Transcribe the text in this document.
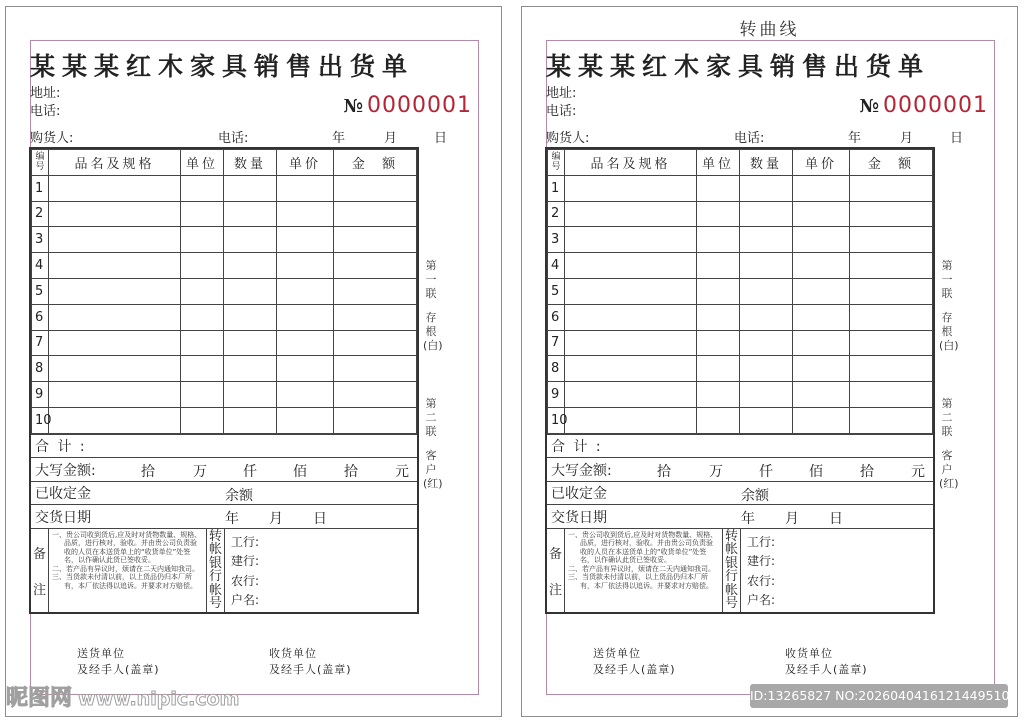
某某某红木家具销售出货单
地址:
电话:	№ 0000001
购货人:	电话:	年	月	日
编号	品名及规格	单位	数量	单价	金  额
1					
2					
3					
4					
5					
6					
7					
8					
9					
10					
合 计 :
大写金额:	拾	万	仟	佰	拾	元
已收定金	余额
交货日期	年 月 日
备
注

一、贵公司收到货后,应及时对货物数量、规格、品质，进行核对，验收。并由贵公司负责验收的人员在本送货单上的“收货单位”处签名，以作确认此货已签收妥。

二、若产品有异议时，烦请在二天内通知我司。

三、当货款未付清以前，以上货品仍归本厂所有，本厂依法得以追诉。并要求对方赔偿。

转帐银行帐号
工行:
建行:
农行:
户名:
第一联
存根(白)
第二联
客户(红)
送货单位
及经手人(盖章)
收货单位
及经手人(盖章)
转曲线
某某某红木家具销售出货单
地址:
电话:	№ 0000001
购货人:	电话:	年	月	日
编号	品名及规格	单位	数量	单价	金  额
1					
2					
3					
4					
5					
6					
7					
8					
9					
10					
合 计 :
大写金额:	拾	万	仟	佰	拾	元
已收定金	余额
交货日期	年 月 日
备
注

一、贵公司收到货后,应及时对货物数量、规格、品质，进行核对，验收。并由贵公司负责验收的人员在本送货单上的“收货单位”处签名，以作确认此货已签收妥。

二、若产品有异议时，烦请在二天内通知我司。

三、当货款未付清以前，以上货品仍归本厂所有，本厂依法得以追诉。并要求对方赔偿。

转帐银行帐号
工行:
建行:
农行:
户名:
第一联
存根(白)
第二联
客户(红)
送货单位
及经手人(盖章)
收货单位
及经手人(盖章)
昵图网 www.nipic.com	ID:13265827 NO:20260404161214495108
